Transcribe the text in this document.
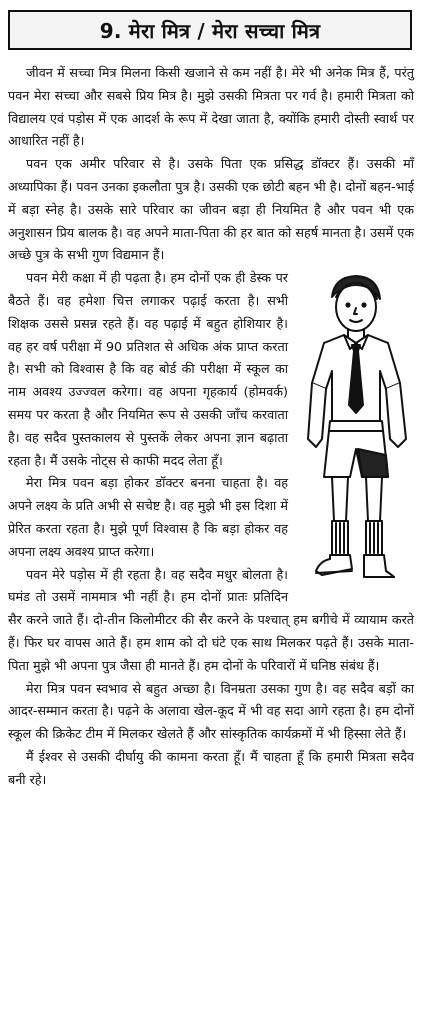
9. मेरा मित्र / मेरा सच्चा मित्र

जीवन में सच्चा मित्र मिलना किसी खजाने से कम नहीं है। मेरे भी अनेक मित्र हैं, परंतु पवन मेरा सच्चा और सबसे प्रिय मित्र है। मुझे उसकी मित्रता पर गर्व है। हमारी मित्रता को विद्यालय एवं पड़ोस में एक आदर्श के रूप में देखा जाता है, क्योंकि हमारी दोस्ती स्वार्थ पर आधारित नहीं है।

पवन एक अमीर परिवार से है। उसके पिता एक प्रसिद्ध डॉक्टर हैं। उसकी माँ अध्यापिका हैं। पवन उनका इकलौता पुत्र है। उसकी एक छोटी बहन भी है। दोनों बहन-भाई में बड़ा स्नेह है। उसके सारे परिवार का जीवन बड़ा ही नियमित है और पवन भी एक अनुशासन प्रिय बालक है। वह अपने माता-पिता की हर बात को सहर्ष मानता है। उसमें एक अच्छे पुत्र के सभी गुण विद्यमान हैं।

पवन मेरी कक्षा में ही पढ़ता है। हम दोनों एक ही डेस्क पर बैठते हैं। वह हमेशा चित्त लगाकर पढ़ाई करता है। सभी शिक्षक उससे प्रसन्न रहते हैं। वह पढ़ाई में बहुत होशियार है। वह हर वर्ष परीक्षा में 90 प्रतिशत से अधिक अंक प्राप्त करता है। सभी को विश्वास है कि वह बोर्ड की परीक्षा में स्कूल का नाम अवश्य उज्ज्वल करेगा। वह अपना गृहकार्य (होमवर्क) समय पर करता है और नियमित रूप से उसकी जाँच करवाता है। वह सदैव पुस्तकालय से पुस्तकें लेकर अपना ज्ञान बढ़ाता रहता है। मैं उसके नोट्स से काफी मदद लेता हूँ।

मेरा मित्र पवन बड़ा होकर डॉक्टर बनना चाहता है। वह अपने लक्ष्य के प्रति अभी से सचेष्ट है। वह मुझे भी इस दिशा में प्रेरित करता रहता है। मुझे पूर्ण विश्वास है कि बड़ा होकर वह अपना लक्ष्य अवश्य प्राप्त करेगा।

पवन मेरे पड़ोस में ही रहता है। वह सदैव मधुर बोलता है। घमंड तो उसमें नाममात्र भी नहीं है। हम दोनों प्रातः प्रतिदिन सैर करने जाते हैं। दो-तीन किलोमीटर की सैर करने के पश्चात् हम बगीचे में व्यायाम करते हैं। फिर घर वापस आते हैं। हम शाम को दो घंटे एक साथ मिलकर पढ़ते हैं। उसके माता-पिता मुझे भी अपना पुत्र जैसा ही मानते हैं। हम दोनों के परिवारों में घनिष्ठ संबंध हैं।

मेरा मित्र पवन स्वभाव से बहुत अच्छा है। विनम्रता उसका गुण है। वह सदैव बड़ों का आदर-सम्मान करता है। पढ़ने के अलावा खेल-कूद में भी वह सदा आगे रहता है। हम दोनों स्कूल की क्रिकेट टीम में मिलकर खेलते हैं और सांस्कृतिक कार्यक्रमों में भी हिस्सा लेते हैं।

मैं ईश्वर से उसकी दीर्घायु की कामना करता हूँ। मैं चाहता हूँ कि हमारी मित्रता सदैव बनी रहे।
